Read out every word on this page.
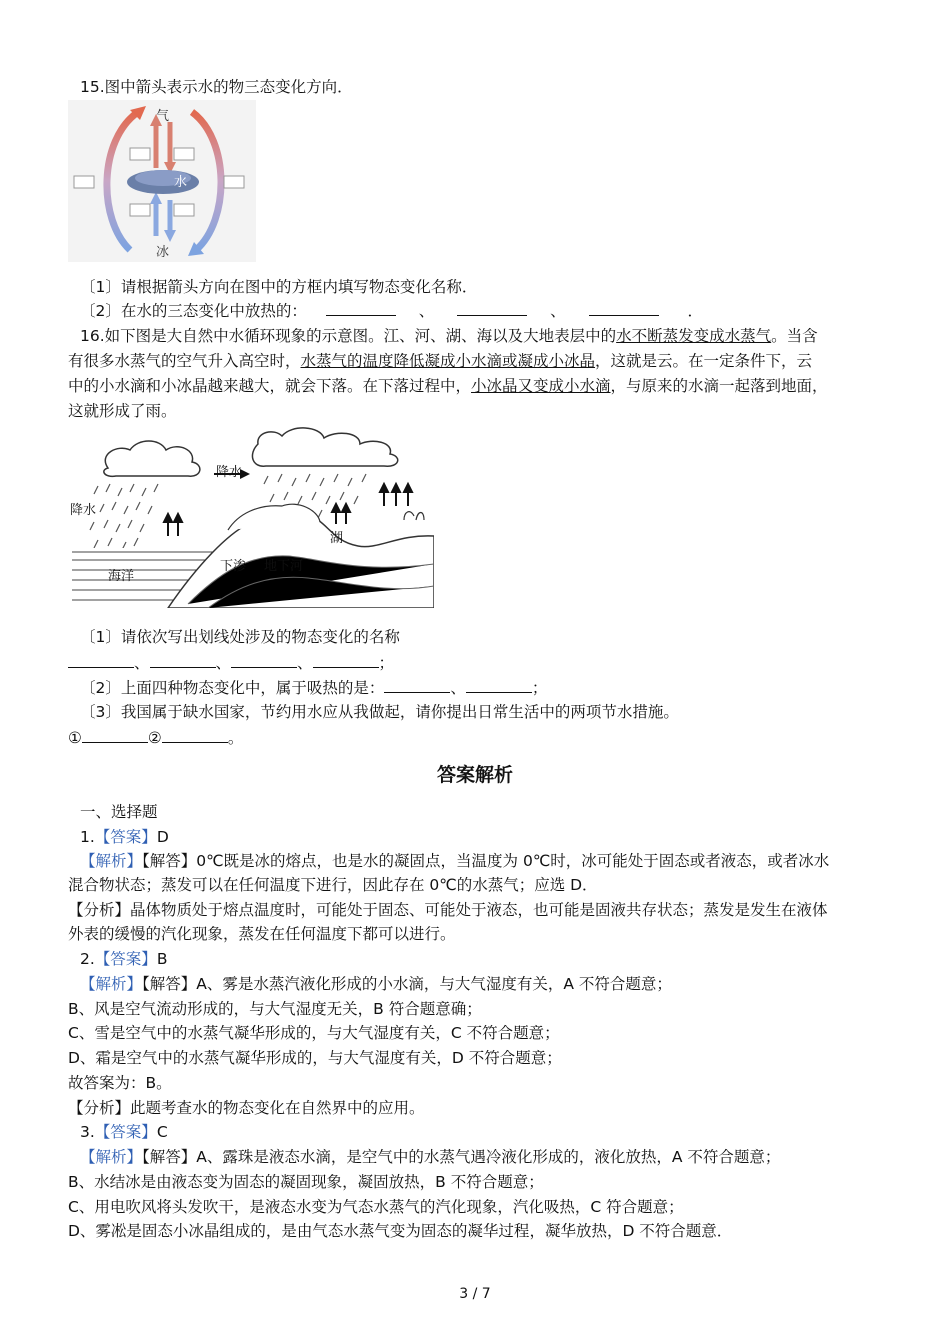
15.图中箭头表示水的物三态变化方向．
气
水
冰
〔1〕请根据箭头方向在图中的方框内填写物态变化名称．
〔2〕在水的三态变化中放热的：	、	、	．
16.如下图是大自然中水循环现象的示意图。江、河、湖、海以及大地表层中的水不断蒸发变成水蒸气。当含
有很多水蒸气的空气升入高空时，水蒸气的温度降低凝成小水滴或凝成小冰晶，这就是云。在一定条件下，云
中的小水滴和小冰晶越来越大，就会下落。在下落过程中，小冰晶又变成小水滴，与原来的水滴一起落到地面，
这就形成了雨。
降水
降水
海洋
下渗 地下河
湖
〔1〕请依次写出划线处涉及的物态变化的名称
、	、	、	；
〔2〕上面四种物态变化中，属于吸热的是：	、	；
〔3〕我国属于缺水国家，节约用水应从我做起，请你提出日常生活中的两项节水措施。
①	②	。
答案解析
一、选择题
1.【答案】D
【解析】【解答】0℃既是冰的熔点，也是水的凝固点，当温度为 0℃时，冰可能处于固态或者液态，或者冰水
混合物状态；蒸发可以在任何温度下进行，因此存在 0℃的水蒸气；应选 D．
【分析】晶体物质处于熔点温度时，可能处于固态、可能处于液态，也可能是固液共存状态；蒸发是发生在液体
外表的缓慢的汽化现象，蒸发在任何温度下都可以进行。
2.【答案】B
【解析】【解答】A、雾是水蒸汽液化形成的小水滴，与大气湿度有关，A 不符合题意；
B、风是空气流动形成的，与大气湿度无关，B 符合题意确；
C、雪是空气中的水蒸气凝华形成的，与大气湿度有关，C 不符合题意；
D、霜是空气中的水蒸气凝华形成的，与大气湿度有关，D 不符合题意；
故答案为：B。
【分析】此题考查水的物态变化在自然界中的应用。
3.【答案】C
【解析】【解答】A、露珠是液态水滴，是空气中的水蒸气遇冷液化形成的，液化放热，A 不符合题意；
B、水结冰是由液态变为固态的凝固现象，凝固放热，B 不符合题意；
C、用电吹风将头发吹干，是液态水变为气态水蒸气的汽化现象，汽化吸热，C 符合题意；
D、雾凇是固态小冰晶组成的，是由气态水蒸气变为固态的凝华过程，凝华放热，D 不符合题意．
3 / 7
